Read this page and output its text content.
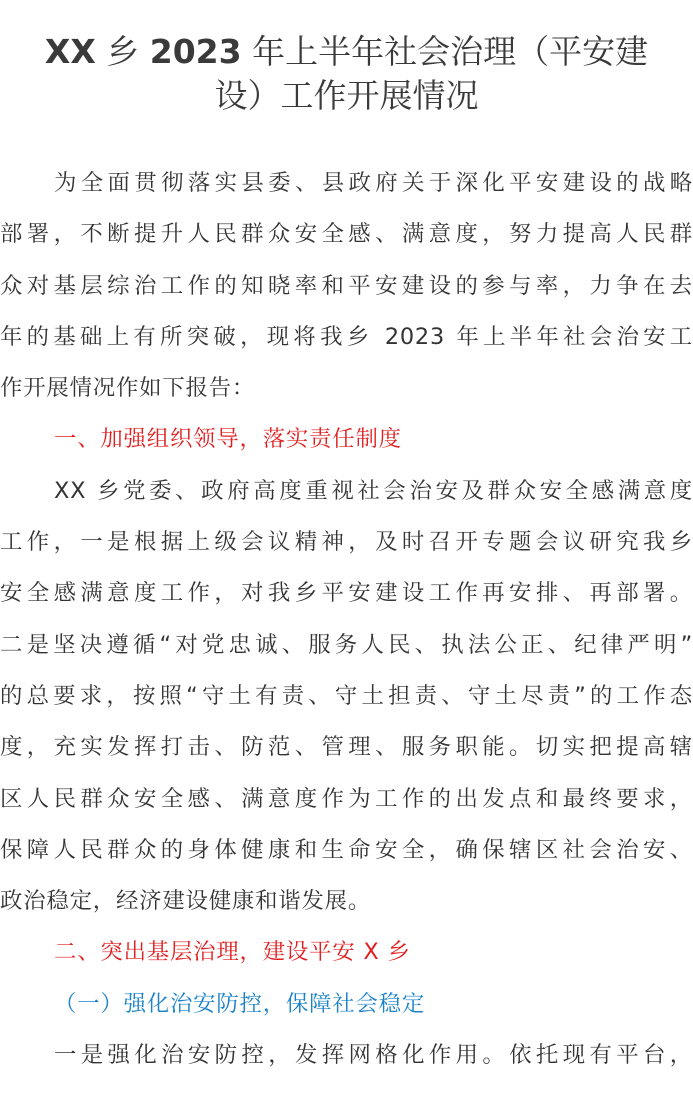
XX 乡 2023 年上半年社会治理（平安建
设）工作开展情况

为全面贯彻落实县委、县政府关于深化平安建设的战略
部署，不断提升人民群众安全感、满意度，努力提高人民群
众对基层综治工作的知晓率和平安建设的参与率，力争在去
年的基础上有所突破，现将我乡 2023 年上半年社会治安工
作开展情况作如下报告：

一、加强组织领导，落实责任制度

XX 乡党委、政府高度重视社会治安及群众安全感满意度
工作，一是根据上级会议精神，及时召开专题会议研究我乡
安全感满意度工作，对我乡平安建设工作再安排、再部署。
二是坚决遵循“对党忠诚、服务人民、执法公正、纪律严明”
的总要求，按照“守土有责、守土担责、守土尽责”的工作态
度，充实发挥打击、防范、管理、服务职能。切实把提高辖
区人民群众安全感、满意度作为工作的出发点和最终要求，
保障人民群众的身体健康和生命安全，确保辖区社会治安、
政治稳定，经济建设健康和谐发展。

二、突出基层治理，建设平安 X 乡

（一）强化治安防控，保障社会稳定

一是强化治安防控，发挥网格化作用。依托现有平台，
